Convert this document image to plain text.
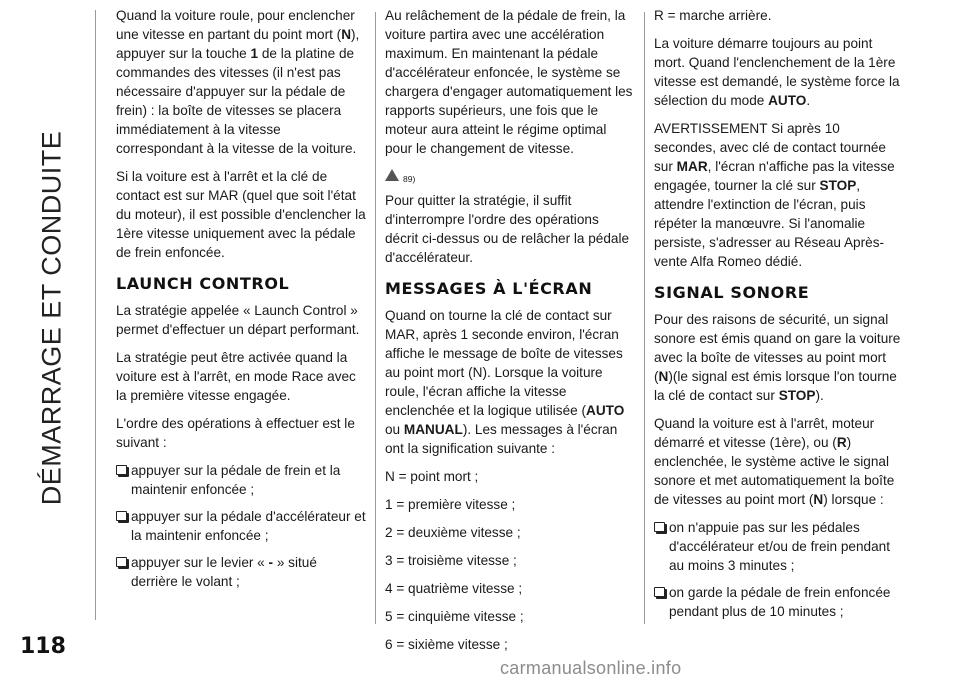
DÉMARRAGE ET CONDUITE
118

Quand la voiture roule, pour enclencher une vitesse en partant du point mort (N), appuyer sur la touche 1 de la platine de commandes des vitesses (il n'est pas nécessaire d'appuyer sur la pédale de frein) : la boîte de vitesses se placera immédiatement à la vitesse correspondant à la vitesse de la voiture.

Si la voiture est à l'arrêt et la clé de contact est sur MAR (quel que soit l'état du moteur), il est possible d'enclencher la 1ère vitesse uniquement avec la pédale de frein enfoncée.

LAUNCH CONTROL

La stratégie appelée « Launch Control » permet d'effectuer un départ performant.

La stratégie peut être activée quand la voiture est à l'arrêt, en mode Race avec la première vitesse engagée.

L'ordre des opérations à effectuer est le suivant :

appuyer sur la pédale de frein et la maintenir enfoncée ;
appuyer sur la pédale d'accélérateur et la maintenir enfoncée ;
appuyer sur le levier « - » situé derrière le volant ;

Au relâchement de la pédale de frein, la voiture partira avec une accélération maximum. En maintenant la pédale d'accélérateur enfoncée, le système se chargera d'engager automatiquement les rapports supérieurs, une fois que le moteur aura atteint le régime optimal pour le changement de vitesse.

89)

Pour quitter la stratégie, il suffit d'interrompre l'ordre des opérations décrit ci-dessus ou de relâcher la pédale d'accélérateur.

MESSAGES À L'ÉCRAN

Quand on tourne la clé de contact sur MAR, après 1 seconde environ, l'écran affiche le message de boîte de vitesses au point mort (N). Lorsque la voiture roule, l'écran affiche la vitesse enclenchée et la logique utilisée (AUTO ou MANUAL). Les messages à l'écran ont la signification suivante :

N = point mort ;

1 = première vitesse ;

2 = deuxième vitesse ;

3 = troisième vitesse ;

4 = quatrième vitesse ;

5 = cinquième vitesse ;

6 = sixième vitesse ;

R = marche arrière.

La voiture démarre toujours au point mort. Quand l'enclenchement de la 1ère vitesse est demandé, le système force la sélection du mode AUTO.

AVERTISSEMENT Si après 10 secondes, avec clé de contact tournée sur MAR, l'écran n'affiche pas la vitesse engagée, tourner la clé sur STOP, attendre l'extinction de l'écran, puis répéter la manœuvre. Si l'anomalie persiste, s'adresser au Réseau Après-vente Alfa Romeo dédié.

SIGNAL SONORE

Pour des raisons de sécurité, un signal sonore est émis quand on gare la voiture avec la boîte de vitesses au point mort (N)(le signal est émis lorsque l'on tourne la clé de contact sur STOP).

Quand la voiture est à l'arrêt, moteur démarré et vitesse (1ère), ou (R) enclenchée, le système active le signal sonore et met automatiquement la boîte de vitesses au point mort (N) lorsque :

on n'appuie pas sur les pédales d'accélérateur et/ou de frein pendant au moins 3 minutes ;
on garde la pédale de frein enfoncée pendant plus de 10 minutes ;
carmanualsonline.info
